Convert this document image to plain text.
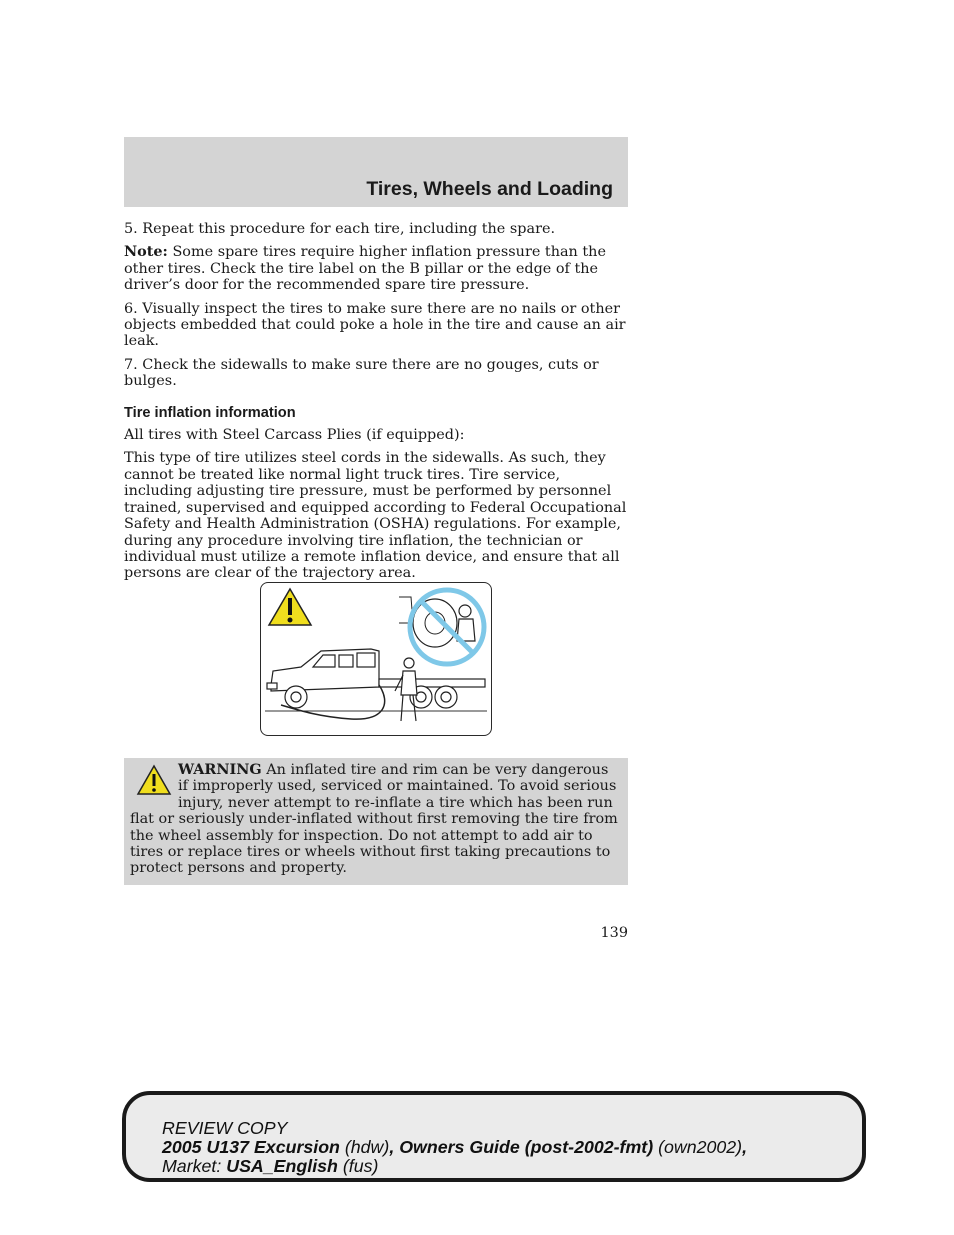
Tires, Wheels and Loading

5. Repeat this procedure for each tire, including the spare.

Note: Some spare tires require higher inflation pressure than the other tires. Check the tire label on the B pillar or the edge of the driver’s door for the recommended spare tire pressure.

6. Visually inspect the tires to make sure there are no nails or other objects embedded that could poke a hole in the tire and cause an air leak.

7. Check the sidewalls to make sure there are no gouges, cuts or bulges.

Tire inflation information

All tires with Steel Carcass Plies (if equipped):

This type of tire utilizes steel cords in the sidewalls. As such, they cannot be treated like normal light truck tires. Tire service, including adjusting tire pressure, must be performed by personnel trained, supervised and equipped according to Federal Occupational Safety and Health Administration (OSHA) regulations. For example, during any procedure involving tire inflation, the technician or individual must utilize a remote inflation device, and ensure that all persons are clear of the trajectory area.

WARNING An inflated tire and rim can be very dangerous if improperly used, serviced or maintained. To avoid serious injury, never attempt to re-inflate a tire which has been run flat or seriously under-inflated without first removing the tire from the wheel assembly for inspection. Do not attempt to add air to tires or replace tires or wheels without first taking precautions to protect persons and property.
139
REVIEW COPY
2005 U137 Excursion (hdw), Owners Guide (post-2002-fmt) (own2002),
Market: USA_English (fus)
